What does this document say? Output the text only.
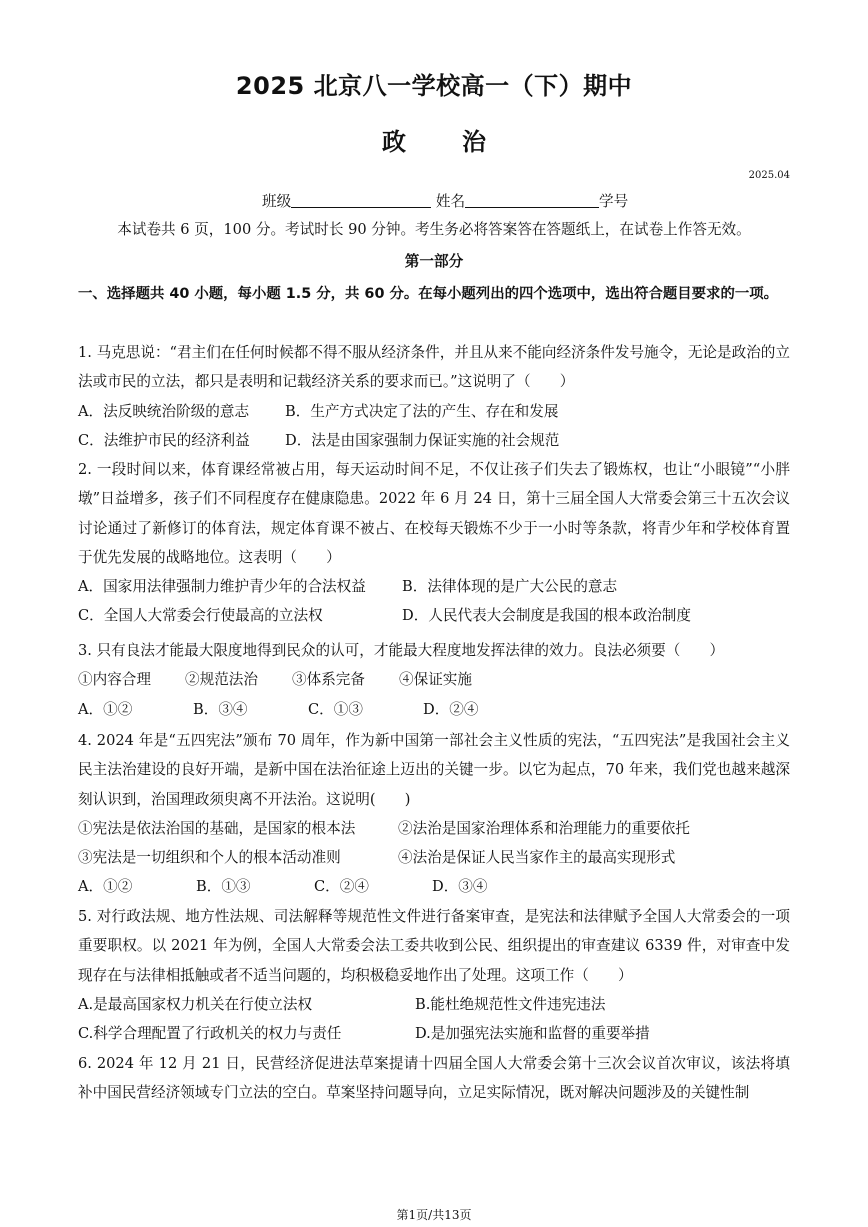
2025 北京八一学校高一（下）期中
政 治
2025.04
班级	姓名	学号
本试卷共 6 页，100 分。考试时长 90 分钟。考生务必将答案答在答题纸上，在试卷上作答无效。
第一部分
一、选择题共 40 小题，每小题 1.5 分，共 60 分。在每小题列出的四个选项中，选出符合题目要求的一项。
1. 马克思说：“君主们在任何时候都不得不服从经济条件，并且从来不能向经济条件发号施令，无论是政治的立法或市民的立法，都只是表明和记载经济关系的要求而已。”这说明了（　　）
A．法反映统治阶级的意志 B．生产方式决定了法的产生、存在和发展
C．法维护市民的经济利益 D．法是由国家强制力保证实施的社会规范
2. 一段时间以来，体育课经常被占用，每天运动时间不足，不仅让孩子们失去了锻炼权，也让“小眼镜”“小胖墩”日益增多，孩子们不同程度存在健康隐患。2022 年 6 月 24 日，第十三届全国人大常委会第三十五次会议讨论通过了新修订的体育法，规定体育课不被占、在校每天锻炼不少于一小时等条款，将青少年和学校体育置于优先发展的战略地位。这表明（　　）
A．国家用法律强制力维护青少年的合法权益 B．法律体现的是广大公民的意志
C．全国人大常委会行使最高的立法权	D．人民代表大会制度是我国的根本政治制度
3. 只有良法才能最大限度地得到民众的认可，才能最大程度地发挥法律的效力。良法必须要（　　）
①内容合理 ②规范法治 ③体系完备 ④保证实施
A．①②	B．③④	C．①③	D．②④
4. 2024 年是“五四宪法”颁布 70 周年，作为新中国第一部社会主义性质的宪法，“五四宪法”是我国社会主义民主法治建设的良好开端，是新中国在法治征途上迈出的关键一步。以它为起点，70 年来，我们党也越来越深刻认识到，治国理政须臾离不开法治。这说明(　　)
①宪法是依法治国的基础，是国家的根本法	②法治是国家治理体系和治理能力的重要依托
③宪法是一切组织和个人的根本活动准则	④法治是保证人民当家作主的最高实现形式
A．①②	B．①③	C．②④	D．③④
5. 对行政法规、地方性法规、司法解释等规范性文件进行备案审查，是宪法和法律赋予全国人大常委会的一项重要职权。以 2021 年为例，全国人大常委会法工委共收到公民、组织提出的审查建议 6339 件，对审查中发现存在与法律相抵触或者不适当问题的，均积极稳妥地作出了处理。这项工作（　　）
A.是最高国家权力机关在行使立法权	B.能杜绝规范性文件违宪违法
C.科学合理配置了行政机关的权力与责任	D.是加强宪法实施和监督的重要举措
6. 2024 年 12 月 21 日，民营经济促进法草案提请十四届全国人大常委会第十三次会议首次审议，该法将填补中国民营经济领域专门立法的空白。草案坚持问题导向，立足实际情况，既对解决问题涉及的关键性制
第1页/共13页
